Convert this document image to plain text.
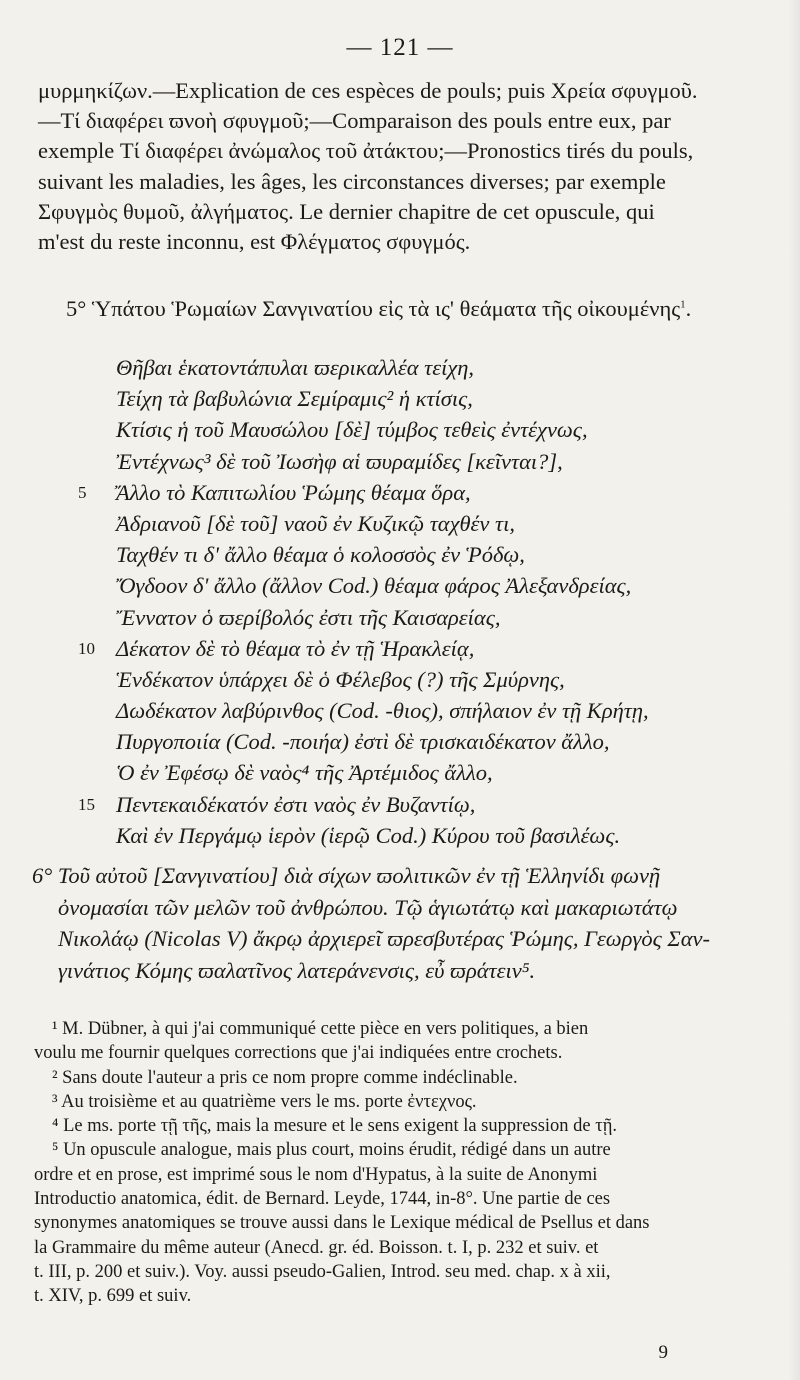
— 121 —

μυρμηκίζων.—Explication de ces espèces de pouls; puis Χρεία σφυγμοῦ.

—Τί διαφέρει ϖνοὴ σφυγμοῦ;—Comparaison des pouls entre eux, par

exemple Τί διαφέρει ἀνώμαλος τοῦ ἀτάκτου;—Pronostics tirés du pouls,

suivant les maladies, les âges, les circonstances diverses; par exemple

Σφυγμὸς θυμοῦ, ἀλγήματος. Le dernier chapitre de cet opuscule, qui

m'est du reste inconnu, est Φλέγματος σφυγμός.

5° Ὑπάτου Ῥωμαίων Σανγινατίου εἰς τὰ ις' θεάματα τῆς οἰκουμένης$^1$.
Θῆβαι ἑκατοντάπυλαι ϖερικαλλέα τείχη,
Τείχη τὰ βαβυλώνια Σεμίραμις² ἡ κτίσις,
Κτίσις ἡ τοῦ Μαυσώλου [δὲ] τύμβος τεθεὶς ἐντέχνως,
Ἐντέχνως³ δὲ τοῦ Ἰωσὴφ αἱ ϖυραμίδες [κεῖνται?],
5 Ἄλλο τὸ Καπιτωλίου Ῥώμης θέαμα ὅρα,
Ἀδριανοῦ [δὲ τοῦ] ναοῦ ἐν Κυζικῷ ταχθέν τι,
Ταχθέν τι δ' ἄλλο θέαμα ὁ κολοσσὸς ἐν Ῥόδῳ,
Ὄγδοον δ' ἄλλο (ἄλλον Cod.) θέαμα φάρος Ἀλεξανδρείας,
Ἔννατον ὁ ϖερίβολός ἐστι τῆς Καισαρείας,
10 Δέκατον δὲ τὸ θέαμα τὸ ἐν τῇ Ἡρακλείᾳ,
Ἑνδέκατον ὑπάρχει δὲ ὁ Φέλεβος (?) τῆς Σμύρνης,
Δωδέκατον λαβύρινθος (Cod. -θιος), σπήλαιον ἐν τῇ Κρήτῃ,
Πυργοποιία (Cod. -ποιήα) ἐστὶ δὲ τρισκαιδέκατον ἄλλο,
Ὁ ἐν Ἐφέσῳ δὲ ναὸς⁴ τῆς Ἀρτέμιδος ἄλλο,
15 Πεντεκαιδέκατόν ἐστι ναὸς ἐν Βυζαντίῳ,
Καὶ ἐν Περγάμῳ ἱερὸν (ἱερῷ Cod.) Κύρου τοῦ βασιλέως.
6° Τοῦ αὐτοῦ [Σανγινατίου] διὰ σίχων ϖολιτικῶν ἐν τῇ Ἑλληνίδι φωνῇ
ὀνομασίαι τῶν μελῶν τοῦ ἀνθρώπου. Τῷ ἁγιωτάτῳ καὶ μακαριωτάτῳ
Νικολάῳ (Nicolas V) ἄκρῳ ἀρχιερεῖ ϖρεσβυτέρας Ῥώμης, Γεωργὸς Σαν-
γινάτιος Κόμης ϖαλατῖνος λατεράνενσις, εὖ ϖράτειν⁵.
¹ M. Dübner, à qui j'ai communiqué cette pièce en vers politiques, a bien
voulu me fournir quelques corrections que j'ai indiquées entre crochets.
² Sans doute l'auteur a pris ce nom propre comme indéclinable.
³ Au troisième et au quatrième vers le ms. porte ἐντεχνος.
⁴ Le ms. porte τῇ τῆς, mais la mesure et le sens exigent la suppression de τῇ.
⁵ Un opuscule analogue, mais plus court, moins érudit, rédigé dans un autre
ordre et en prose, est imprimé sous le nom d'Hypatus, à la suite de Anonymi
Introductio anatomica, édit. de Bernard. Leyde, 1744, in-8°. Une partie de ces
synonymes anatomiques se trouve aussi dans le Lexique médical de Psellus et dans
la Grammaire du même auteur (Anecd. gr. éd. Boisson. t. I, p. 232 et suiv. et
t. III, p. 200 et suiv.). Voy. aussi pseudo-Galien, Introd. seu med. chap. x à xii,
t. XIV, p. 699 et suiv.
9
